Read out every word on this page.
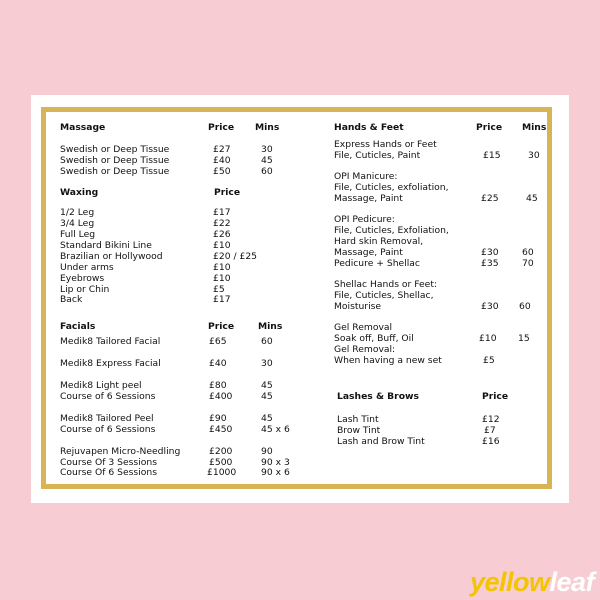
Massage	Price Mins
Swedish or Deep Tissue	£27	30
Swedish or Deep Tissue	£40	45
Swedish or Deep Tissue	£50	60
Waxing	Price
1/2 Leg	£17
3/4 Leg	£22
Full Leg	£26
Standard Bikini Line	£10
Brazilian or Hollywood	£20 / £25
Under arms	£10
Eyebrows	£10
Lip or Chin	£5
Back	£17
Facials	Price	Mins
Medik8 Tailored Facial	£65	60
Medik8 Express Facial	£40	30
Medik8 Light peel	£80	45
Course of 6 Sessions	£400	45
Medik8 Tailored Peel	£90	45
Course of 6 Sessions	£450	45 x 6
Rejuvapen Micro-Needling	£200	90
Course Of 3 Sessions	£500	90 x 3
Course Of 6 Sessions	£1000	90 x 6
Hands & Feet	Price Mins
Express Hands or Feet
File, Cuticles, Paint	£15	30
OPI Manicure:
File, Cuticles, exfoliation,
Massage, Paint	£25	45
OPI Pedicure:
File, Cuticles, Exfoliation,
Hard skin Removal,
Massage, Paint	£30	60
Pedicure + Shellac	£35	70
Shellac Hands or Feet:
File, Cuticles, Shellac,
Moisturise	£30 60
Gel Removal
Soak off, Buff, Oil	£10 15
Gel Removal:
When having a new set	£5
Lashes & Brows	Price
Lash Tint	£12
Brow Tint	£7
Lash and Brow Tint	£16
yellowleaf
